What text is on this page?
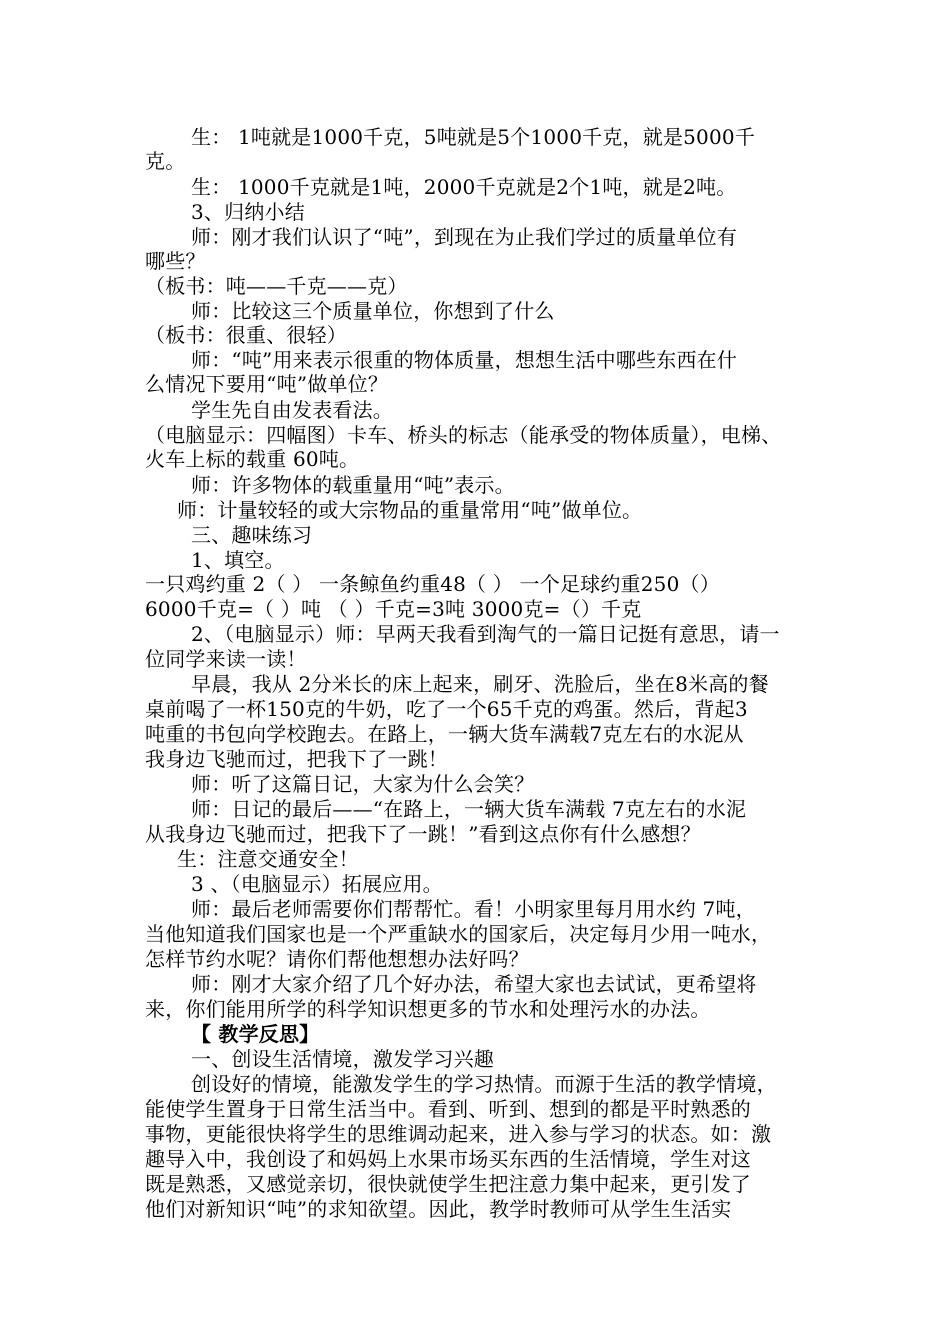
生： 1吨就是1000千克，5吨就是5个1000千克，就是5000千
克。
生： 1000千克就是1吨，2000千克就是2个1吨，就是2吨。
3、归纳小结
师：刚才我们认识了“吨”，到现在为止我们学过的质量单位有
哪些？
（板书：吨——千克——克）
师：比较这三个质量单位，你想到了什么
（板书：很重、很轻）
师：“吨”用来表示很重的物体质量，想想生活中哪些东西在什
么情况下要用“吨”做单位？
学生先自由发表看法。
（电脑显示：四幅图）卡车、桥头的标志（能承受的物体质量），电梯、
火车上标的载重 60吨。
师：许多物体的载重量用“吨”表示。
师：计量较轻的或大宗物品的重量常用“吨”做单位。
三、趣味练习
1、填空。
一只鸡约重 2（ ） 一条鲸鱼约重48（ ） 一个足球约重250（）
6000千克=（ ）吨 （ ）千克=3吨 3000克=（）千克
2、（电脑显示）师：早两天我看到淘气的一篇日记挺有意思，请一
位同学来读一读！
早晨，我从 2分米长的床上起来，刷牙、洗脸后，坐在8米高的餐
桌前喝了一杯150克的牛奶，吃了一个65千克的鸡蛋。然后，背起3
吨重的书包向学校跑去。在路上，一辆大货车满载7克左右的水泥从
我身边飞驰而过，把我下了一跳！
师：听了这篇日记，大家为什么会笑？
师：日记的最后——“在路上，一辆大货车满载 7克左右的水泥
从我身边飞驰而过，把我下了一跳！”看到这点你有什么感想？
生：注意交通安全！
3 、（电脑显示）拓展应用。
师：最后老师需要你们帮帮忙。看！小明家里每月用水约 7吨，
当他知道我们国家也是一个严重缺水的国家后，决定每月少用一吨水，
怎样节约水呢？请你们帮他想想办法好吗？
师：刚才大家介绍了几个好办法，希望大家也去试试，更希望将
来，你们能用所学的科学知识想更多的节水和处理污水的办法。
【 教学反思】
一、创设生活情境，激发学习兴趣
创设好的情境，能激发学生的学习热情。而源于生活的教学情境，
能使学生置身于日常生活当中。看到、听到、想到的都是平时熟悉的
事物，更能很快将学生的思维调动起来，进入参与学习的状态。如：激
趣导入中，我创设了和妈妈上水果市场买东西的生活情境，学生对这
既是熟悉，又感觉亲切，很快就使学生把注意力集中起来，更引发了
他们对新知识“吨”的求知欲望。因此，教学时教师可从学生生活实
